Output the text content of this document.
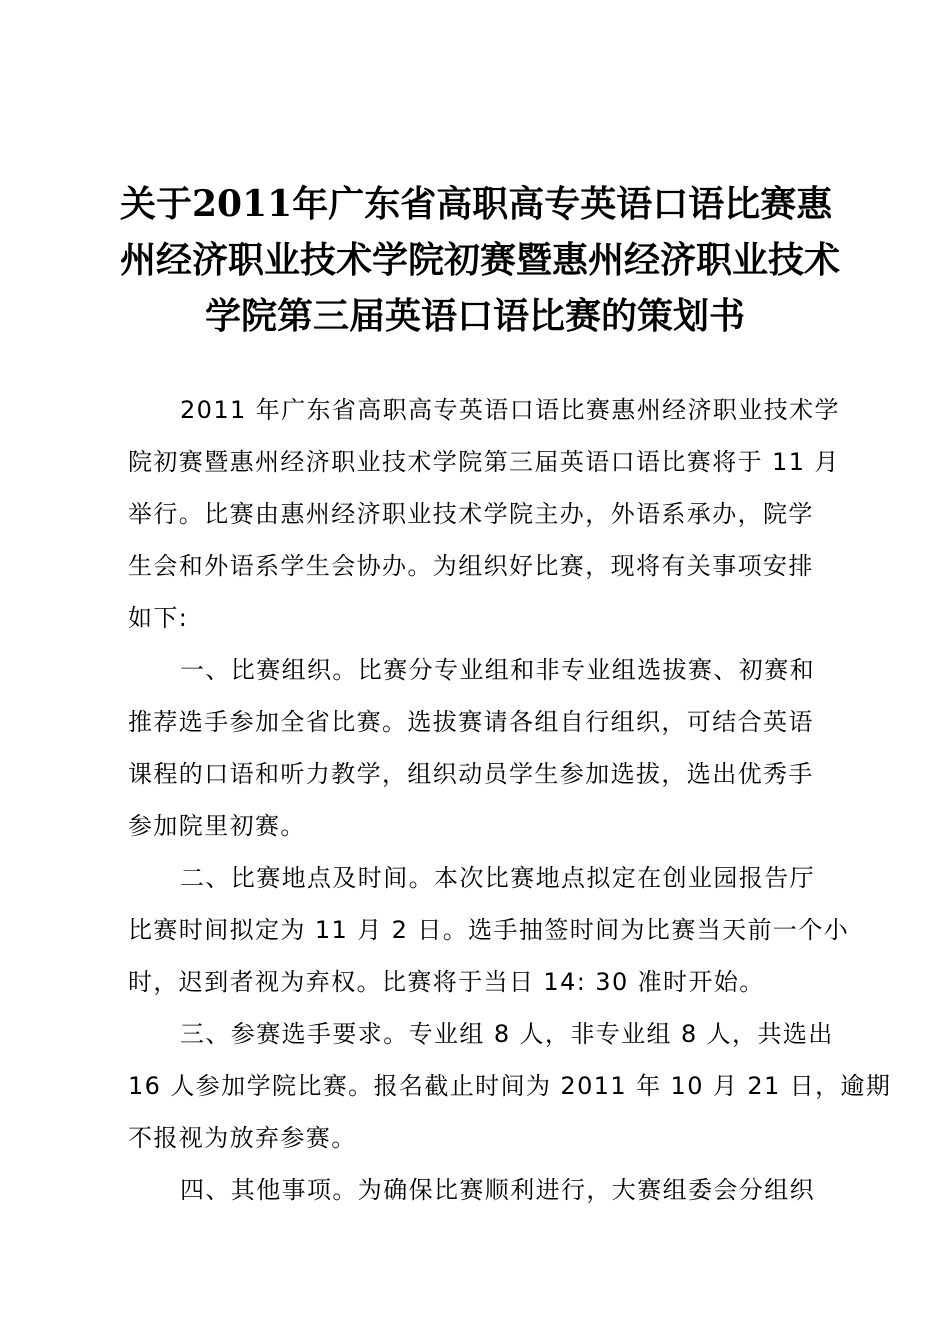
关于2011年广东省高职高专英语口语比赛惠
州经济职业技术学院初赛暨惠州经济职业技术
学院第三届英语口语比赛的策划书

2011 年广东省高职高专英语口语比赛惠州经济职业技术学
院初赛暨惠州经济职业技术学院第三届英语口语比赛将于 11 月
举行。比赛由惠州经济职业技术学院主办，外语系承办，院学
生会和外语系学生会协办。为组织好比赛，现将有关事项安排
如下:

一、比赛组织。比赛分专业组和非专业组选拔赛、初赛和
推荐选手参加全省比赛。选拔赛请各组自行组织，可结合英语
课程的口语和听力教学，组织动员学生参加选拔，选出优秀手
参加院里初赛。

二、比赛地点及时间。本次比赛地点拟定在创业园报告厅
比赛时间拟定为 11 月 2 日。选手抽签时间为比赛当天前一个小
时，迟到者视为弃权。比赛将于当日 14: 30 准时开始。

三、参赛选手要求。专业组 8 人，非专业组 8 人，共选出
16 人参加学院比赛。报名截止时间为 2011 年 10 月 21 日，逾期
不报视为放弃参赛。

四、其他事项。为确保比赛顺利进行，大赛组委会分组织
